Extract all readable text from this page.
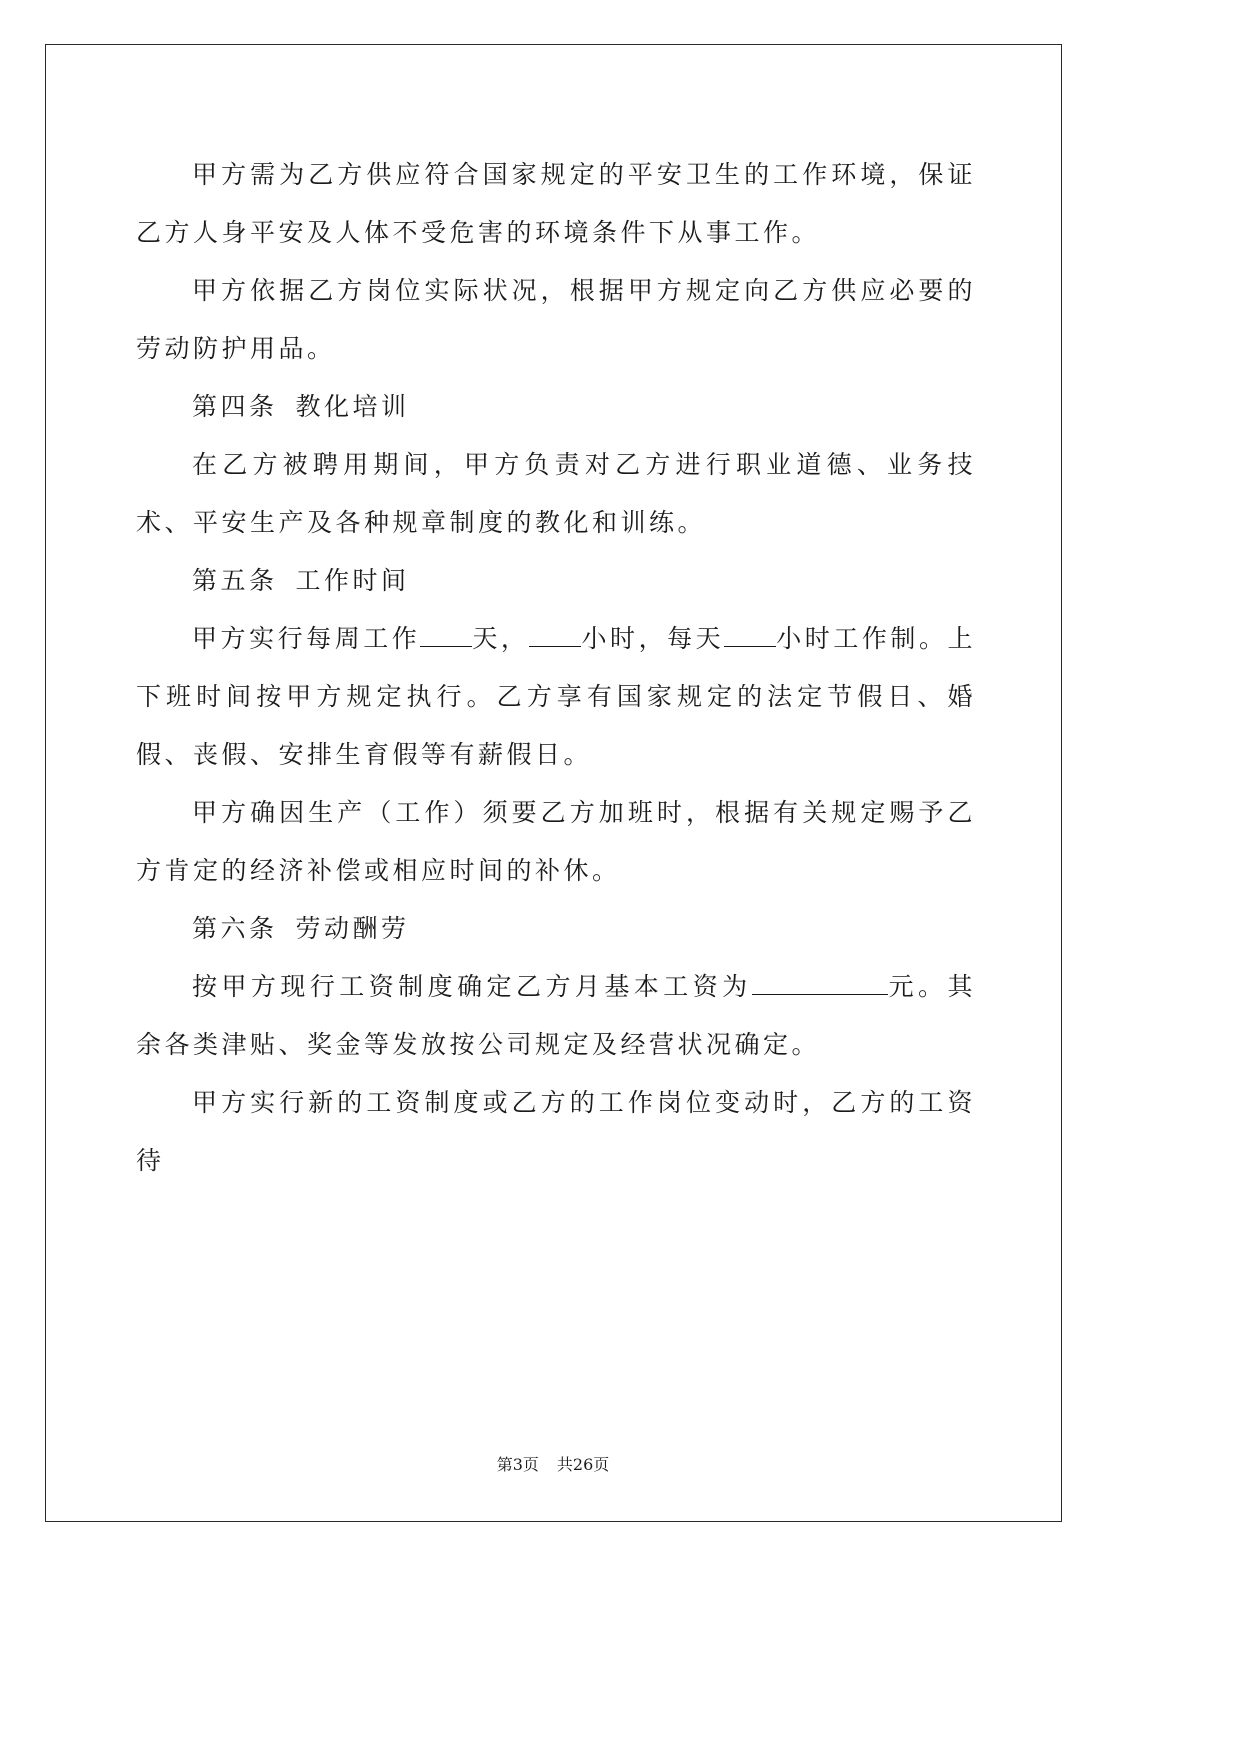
甲方需为乙方供应符合国家规定的平安卫生的工作环境，保证乙方人身平安及人体不受危害的环境条件下从事工作。

甲方依据乙方岗位实际状况，根据甲方规定向乙方供应必要的劳动防护用品。

第四条 教化培训

在乙方被聘用期间，甲方负责对乙方进行职业道德、业务技术、平安生产及各种规章制度的教化和训练。

第五条 工作时间

甲方实行每周工作 天， 小时，每天 小时工作制。上下班时间按甲方规定执行。乙方享有国家规定的法定节假日、婚假、丧假、安排生育假等有薪假日。

甲方确因生产（工作）须要乙方加班时，根据有关规定赐予乙方肯定的经济补偿或相应时间的补休。

第六条 劳动酬劳

按甲方现行工资制度确定乙方月基本工资为	元。其余各类津贴、奖金等发放按公司规定及经营状况确定。

甲方实行新的工资制度或乙方的工作岗位变动时，乙方的工资待

第3页 共26页
